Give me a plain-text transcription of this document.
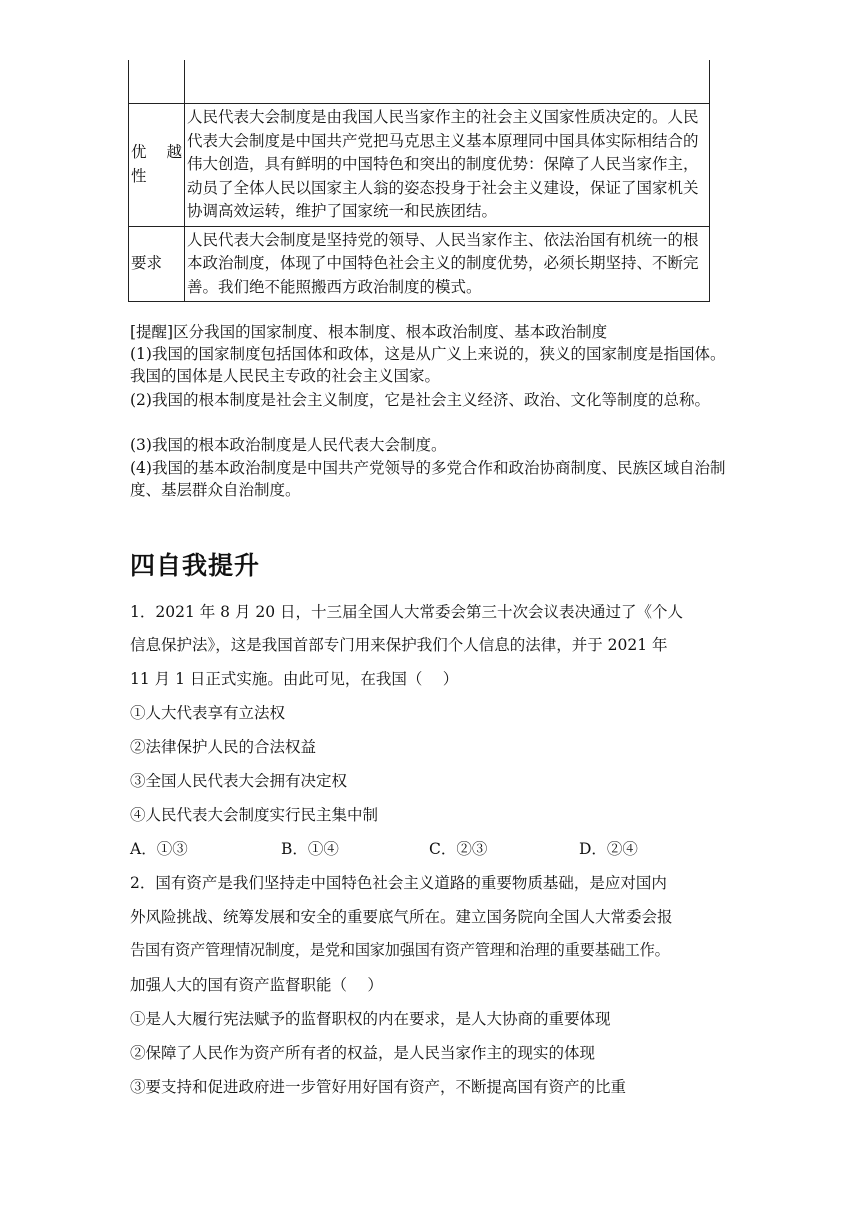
优 越
性	人民代表大会制度是由我国人民当家作主的社会主义国家性质决定的。人民代表大会制度是中国共产党把马克思主义基本原理同中国具体实际相结合的伟大创造，具有鲜明的中国特色和突出的制度优势：保障了人民当家作主，动员了全体人民以国家主人翁的姿态投身于社会主义建设，保证了国家机关协调高效运转，维护了国家统一和民族团结。
要求	人民代表大会制度是坚持党的领导、人民当家作主、依法治国有机统一的根本政治制度，体现了中国特色社会主义的制度优势，必须长期坚持、不断完善。我们绝不能照搬西方政治制度的模式。
[提醒]区分我国的国家制度、根本制度、根本政治制度、基本政治制度
(1)我国的国家制度包括国体和政体，这是从广义上来说的，狭义的国家制度是指国体。我国的国体是人民民主专政的社会主义国家。
(2)我国的根本制度是社会主义制度，它是社会主义经济、政治、文化等制度的总称。
(3)我国的根本政治制度是人民代表大会制度。
(4)我国的基本政治制度是中国共产党领导的多党合作和政治协商制度、民族区域自治制度、基层群众自治制度。
四自我提升
1．2021 年 8 月 20 日，十三届全国人大常委会第三十次会议表决通过了《个人
信息保护法》，这是我国首部专门用来保护我们个人信息的法律，并于 2021 年
11 月 1 日正式实施。由此可见，在我国（　 ）
①人大代表享有立法权
②法律保护人民的合法权益
③全国人民代表大会拥有决定权
④人民代表大会制度实行民主集中制
A．①③	B．①④	C．②③	D．②④
2．国有资产是我们坚持走中国特色社会主义道路的重要物质基础，是应对国内
外风险挑战、统筹发展和安全的重要底气所在。建立国务院向全国人大常委会报
告国有资产管理情况制度，是党和国家加强国有资产管理和治理的重要基础工作。
加强人大的国有资产监督职能（　 ）
①是人大履行宪法赋予的监督职权的内在要求，是人大协商的重要体现
②保障了人民作为资产所有者的权益，是人民当家作主的现实的体现
③要支持和促进政府进一步管好用好国有资产，不断提高国有资产的比重
